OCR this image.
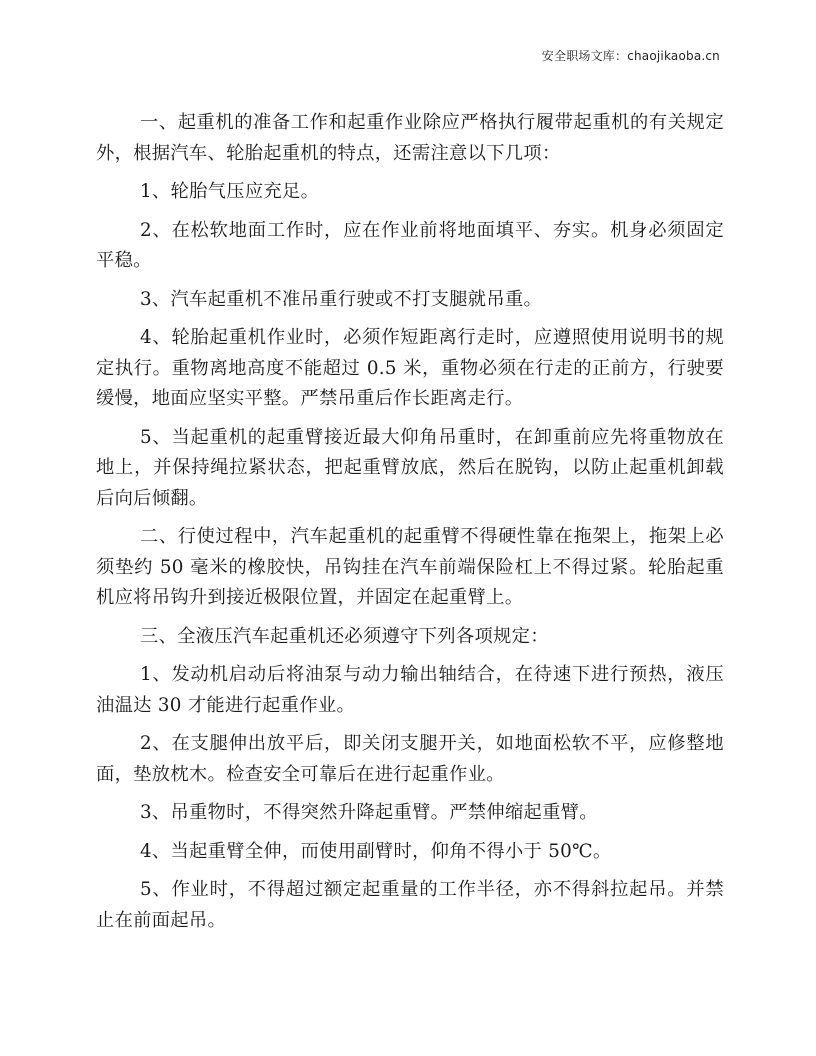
安全职场文库：chaojikaoba.cn

一、起重机的准备工作和起重作业除应严格执行履带起重机的有关规定外，根据汽车、轮胎起重机的特点，还需注意以下几项：

1、轮胎气压应充足。

2、在松软地面工作时，应在作业前将地面填平、夯实。机身必须固定平稳。

3、汽车起重机不准吊重行驶或不打支腿就吊重。

4、轮胎起重机作业时，必须作短距离行走时，应遵照使用说明书的规定执行。重物离地高度不能超过 0.5 米，重物必须在行走的正前方，行驶要缓慢，地面应坚实平整。严禁吊重后作长距离走行。

5、当起重机的起重臂接近最大仰角吊重时，在卸重前应先将重物放在地上，并保持绳拉紧状态，把起重臂放底，然后在脱钩，以防止起重机卸载后向后倾翻。

二、行使过程中，汽车起重机的起重臂不得硬性靠在拖架上，拖架上必须垫约 50 毫米的橡胶快，吊钩挂在汽车前端保险杠上不得过紧。轮胎起重机应将吊钩升到接近极限位置，并固定在起重臂上。

三、全液压汽车起重机还必须遵守下列各项规定：

1、发动机启动后将油泵与动力输出轴结合，在待速下进行预热，液压油温达 30 才能进行起重作业。

2、在支腿伸出放平后，即关闭支腿开关，如地面松软不平，应修整地面，垫放枕木。检查安全可靠后在进行起重作业。

3、吊重物时，不得突然升降起重臂。严禁伸缩起重臂。

4、当起重臂全伸，而使用副臂时，仰角不得小于 50℃。

5、作业时，不得超过额定起重量的工作半径，亦不得斜拉起吊。并禁止在前面起吊。
